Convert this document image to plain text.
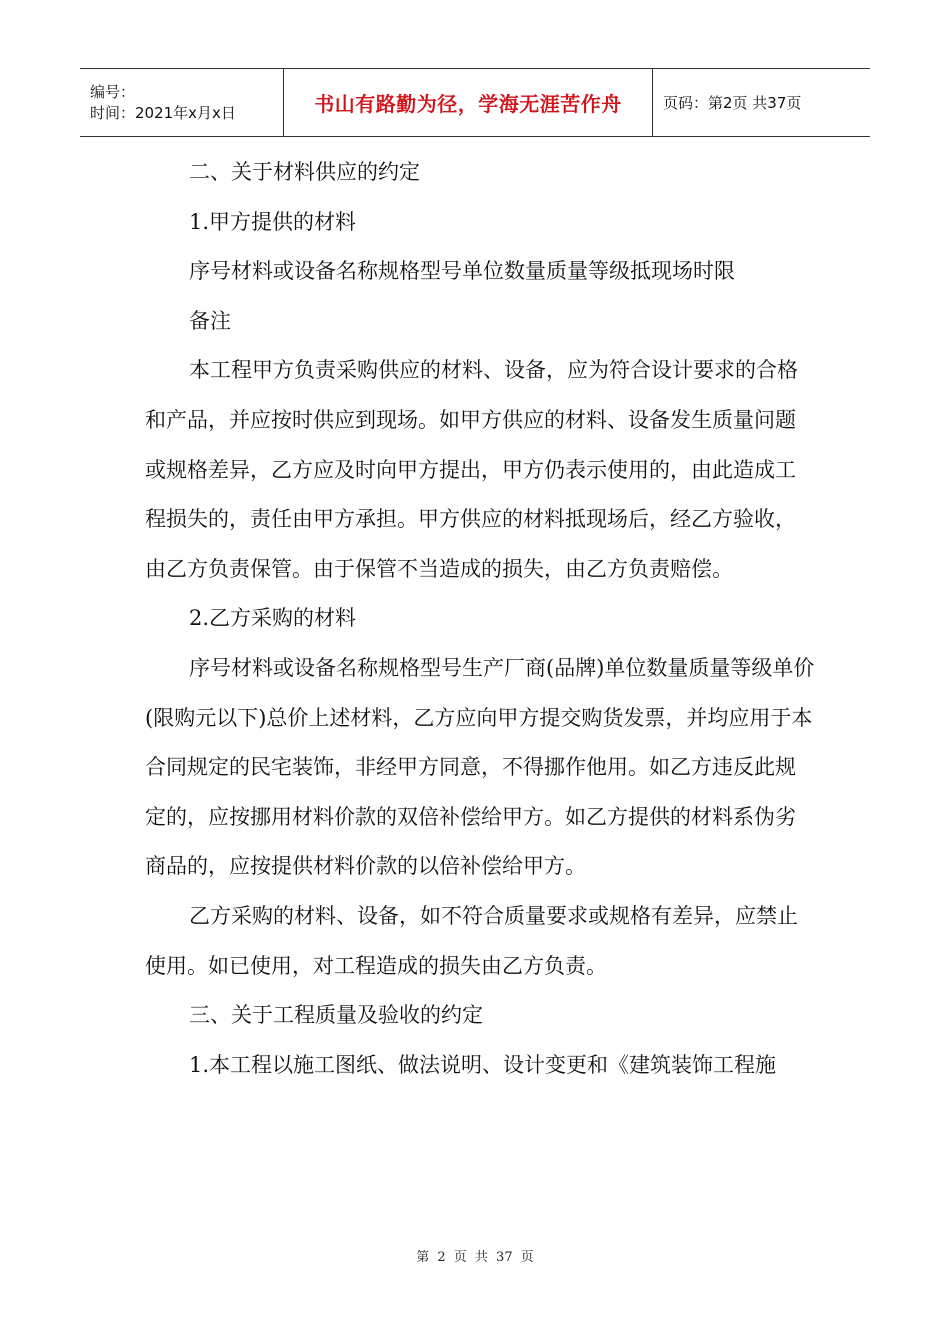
编号：
时间：2021年x月x日	书山有路勤为径，学海无涯苦作舟	页码：第2页 共37页

二、关于材料供应的约定

1.甲方提供的材料

序号材料或设备名称规格型号单位数量质量等级抵现场时限

备注

本工程甲方负责采购供应的材料、设备，应为符合设计要求的合格和产品，并应按时供应到现场。如甲方供应的材料、设备发生质量问题或规格差异，乙方应及时向甲方提出，甲方仍表示使用的，由此造成工程损失的，责任由甲方承担。甲方供应的材料抵现场后，经乙方验收，由乙方负责保管。由于保管不当造成的损失，由乙方负责赔偿。

2.乙方采购的材料

序号材料或设备名称规格型号生产厂商(品牌)单位数量质量等级单价(限购元以下)总价上述材料，乙方应向甲方提交购货发票，并均应用于本合同规定的民宅装饰，非经甲方同意，不得挪作他用。如乙方违反此规定的，应按挪用材料价款的双倍补偿给甲方。如乙方提供的材料系伪劣商品的，应按提供材料价款的以倍补偿给甲方。

乙方采购的材料、设备，如不符合质量要求或规格有差异，应禁止使用。如已使用，对工程造成的损失由乙方负责。

三、关于工程质量及验收的约定

1.本工程以施工图纸、做法说明、设计变更和《建筑装饰工程施

第 2 页 共 37 页
